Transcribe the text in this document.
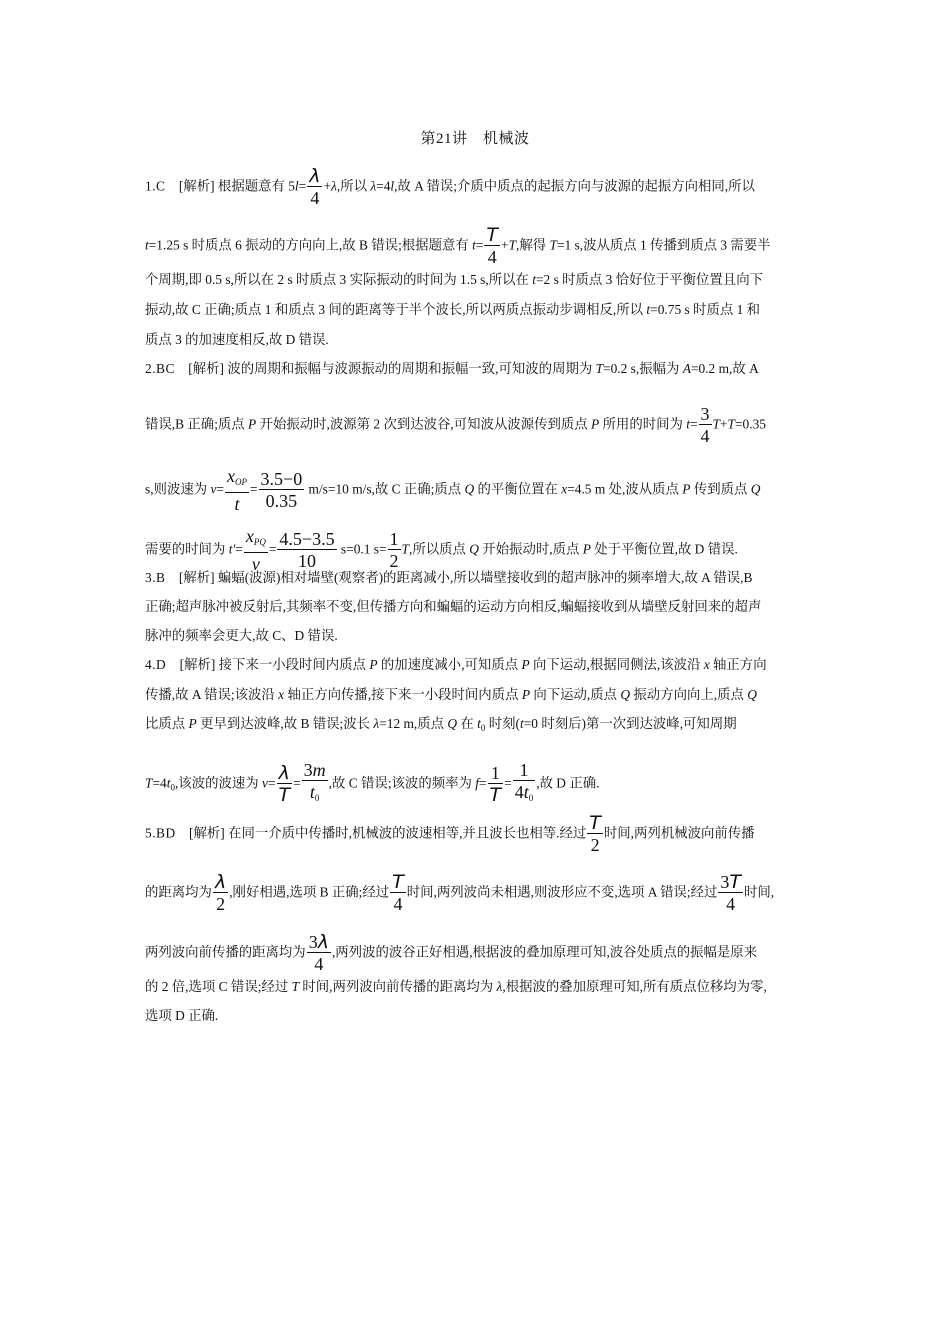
第21讲　机械波
1.C　[解析] 根据题意有 $5l= \frac{\lambda}{4} +\lambda$,所以 λ=4l,故 A 错误;介质中质点的起振方向与波源的起振方向相同,所以
t=1.25 s 时质点 6 振动的方向向上,故 B 错误;根据题意有 $t= \frac{T}{4} +T$,解得 T=1 s,波从质点 1 传播到质点 3 需要半
个周期,即 0.5 s,所以在 2 s 时质点 3 实际振动的时间为 1.5 s,所以在 t=2 s 时质点 3 恰好位于平衡位置且向下
振动,故 C 正确;质点 1 和质点 3 间的距离等于半个波长,所以两质点振动步调相反,所以 t=0.75 s 时质点 1 和
质点 3 的加速度相反,故 D 错误.
2.BC　[解析] 波的周期和振幅与波源振动的周期和振幅一致,可知波的周期为 T=0.2 s,振幅为 A=0.2 m,故 A
错误,B 正确;质点 P 开始振动时,波源第 2 次到达波谷,可知波从波源传到质点 P 所用的时间为 $t= \frac{3}{4} T+T=0.35$
s,则波速为 $v= \frac{x_{OP}}{t} = \frac{3.5-0}{0.35} m/s=10$ m/s,故 C 正确;质点 Q 的平衡位置在 x=4.5 m 处,波从质点 P 传到质点 Q
需要的时间为 $t'= \frac{x_{PQ}}{v} = \frac{4.5-3.5}{10} s=0.1$ $s= \frac{1}{2} T$,所以质点 Q 开始振动时,质点 P 处于平衡位置,故 D 错误.
3.B　[解析] 蝙蝠(波源)相对墙壁(观察者)的距离减小,所以墙壁接收到的超声脉冲的频率增大,故 A 错误,B
正确;超声脉冲被反射后,其频率不变,但传播方向和蝙蝠的运动方向相反,蝙蝠接收到从墙壁反射回来的超声
脉冲的频率会更大,故 C、D 错误.
4.D　[解析] 接下来一小段时间内质点 P 的加速度减小,可知质点 P 向下运动,根据同侧法,该波沿 x 轴正方向
传播,故 A 错误;该波沿 x 轴正方向传播,接下来一小段时间内质点 P 向下运动,质点 Q 振动方向向上,质点 Q
比质点 P 更早到达波峰,故 B 错误;波长 λ=12 m,质点 Q 在 $t_0$ 时刻(t=0 时刻后)第一次到达波峰,可知周期
$T=4t_0$,该波的波速为 $v= \frac{\lambda}{T} = \frac{3m}{t_0}$ ,故 C 错误;该波的频率为 $f= \frac{1}{T} = \frac{1}{4t_0}$ ,故 D 正确.
5.BD　[解析] 在同一介质中传播时,机械波的波速相等,并且波长也相等.经过 $\frac{T}{2}$ 时间,两列机械波向前传播
的距离均为 $\frac{\lambda}{2}$ ,刚好相遇,选项 B 正确;经过 $\frac{T}{4}$ 时间,两列波尚未相遇,则波形应不变,选项 A 错误;经过 $\frac{3T}{4}$ 时间,
两列波向前传播的距离均为 $\frac{3\lambda}{4}$ ,两列波的波谷正好相遇,根据波的叠加原理可知,波谷处质点的振幅是原来
的 2 倍,选项 C 错误;经过 T 时间,两列波向前传播的距离均为 λ,根据波的叠加原理可知,所有质点位移均为零,
选项 D 正确.
